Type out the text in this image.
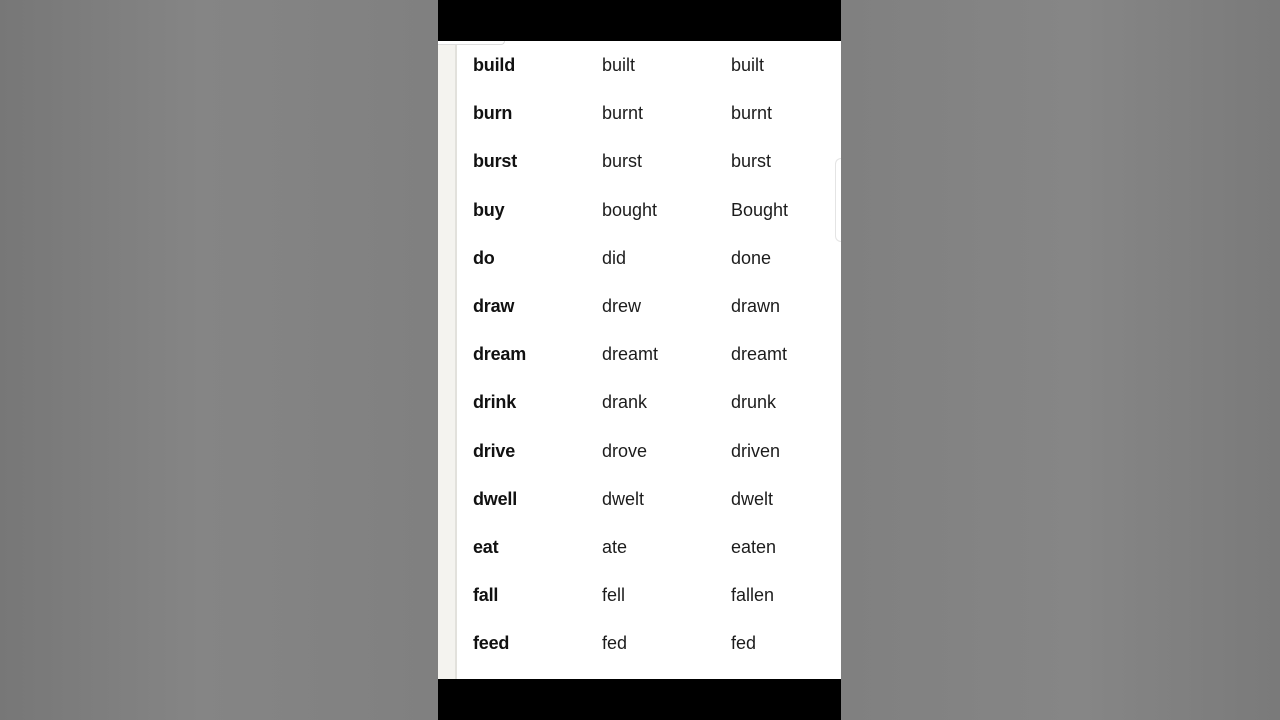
build	built	built
burn	burnt	burnt
burst	burst	burst
buy	bought	Bought
do	did	done
draw	drew	drawn
dream	dreamt	dreamt
drink	drank	drunk
drive	drove	driven
dwell	dwelt	dwelt
eat	ate	eaten
fall	fell	fallen
feed	fed	fed
